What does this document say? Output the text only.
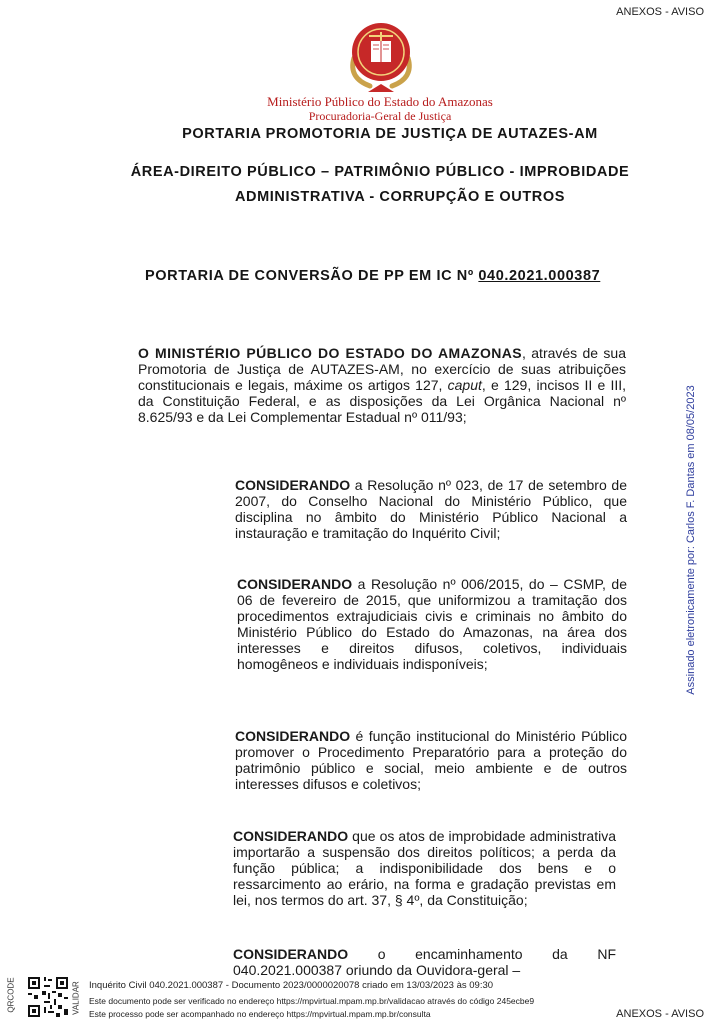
ANEXOS - AVISO
Ministério Público do Estado do Amazonas
Procuradoria-Geral de Justiça
PORTARIA PROMOTORIA DE JUSTIÇA DE AUTAZES-AM
ÁREA-DIREITO PÚBLICO – PATRIMÔNIO PÚBLICO - IMPROBIDADE
ADMINISTRATIVA - CORRUPÇÃO E OUTROS
PORTARIA DE CONVERSÃO DE PP EM IC Nº 040.2021.000387
O MINISTÉRIO PÚBLICO DO ESTADO DO AMAZONAS, através de sua Promotoria de Justiça de AUTAZES-AM, no exercício de suas atribuições constitucionais e legais, máxime os artigos 127, caput, e 129, incisos II e III, da Constituição Federal, e as disposições da Lei Orgânica Nacional nº 8.625/93 e da Lei Complementar Estadual nº 011/93;
CONSIDERANDO a Resolução nº 023, de 17 de setembro de 2007, do Conselho Nacional do Ministério Público, que disciplina no âmbito do Ministério Público Nacional a instauração e tramitação do Inquérito Civil;
CONSIDERANDO a Resolução nº 006/2015, do – CSMP, de 06 de fevereiro de 2015, que uniformizou a tramitação dos procedimentos extrajudiciais civis e criminais no âmbito do Ministério Público do Estado do Amazonas, na área dos interesses e direitos difusos, coletivos, individuais homogêneos e individuais indisponíveis;
CONSIDERANDO é função institucional do Ministério Público promover o Procedimento Preparatório para a proteção do patrimônio público e social, meio ambiente e de outros interesses difusos e coletivos;
CONSIDERANDO que os atos de improbidade administrativa importarão a suspensão dos direitos políticos; a perda da função pública; a indisponibilidade dos bens e o ressarcimento ao erário, na forma e gradação previstas em lei, nos termos do art. 37, § 4º, da Constituição;
CONSIDERANDO o encaminhamento da NF 040.2021.000387 oriundo da Ouvidora-geral –
Assinado eletronicamente por: Carlos F. Dantas em 08/05/2023
QRCODE	VALIDAR Inquérito Civil 040.2021.000387 - Documento 2023/0000020078 criado em 13/03/2023 às 09:30
Este documento pode ser verificado no endereço https://mpvirtual.mpam.mp.br/validacao através do código 245ecbe9
Este processo pode ser acompanhado no endereço https://mpvirtual.mpam.mp.br/consulta	ANEXOS - AVISO
